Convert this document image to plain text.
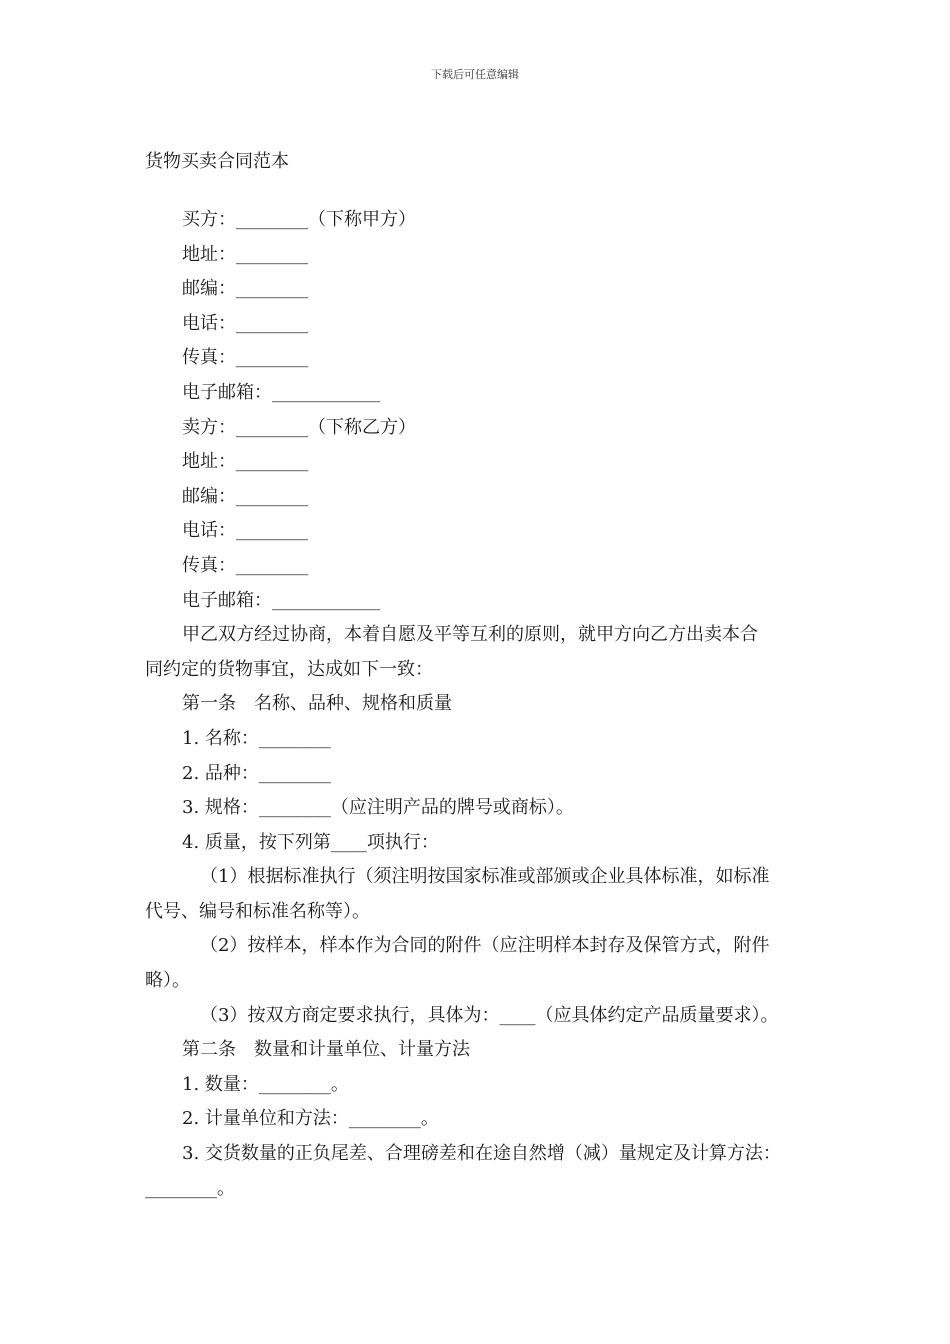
下载后可任意编辑
货物买卖合同范本
买方：________（下称甲方）
地址：________
邮编：________
电话：________
传真：________
电子邮箱：____________
卖方：________（下称乙方）
地址：________
邮编：________
电话：________
传真：________
电子邮箱：____________
甲乙双方经过协商，本着自愿及平等互利的原则，就甲方向乙方出卖本合
同约定的货物事宜，达成如下一致：
第一条　名称、品种、规格和质量
1. 名称：________
2. 品种：________
3. 规格：________（应注明产品的牌号或商标）。
4. 质量，按下列第____项执行：
（1）根据标准执行（须注明按国家标准或部颁或企业具体标准，如标准
代号、编号和标准名称等）。
（2）按样本，样本作为合同的附件（应注明样本封存及保管方式，附件
略）。
（3）按双方商定要求执行，具体为：____（应具体约定产品质量要求）。
第二条　数量和计量单位、计量方法
1. 数量：________。
2. 计量单位和方法：________。
3. 交货数量的正负尾差、合理磅差和在途自然增（减）量规定及计算方法：
________。
